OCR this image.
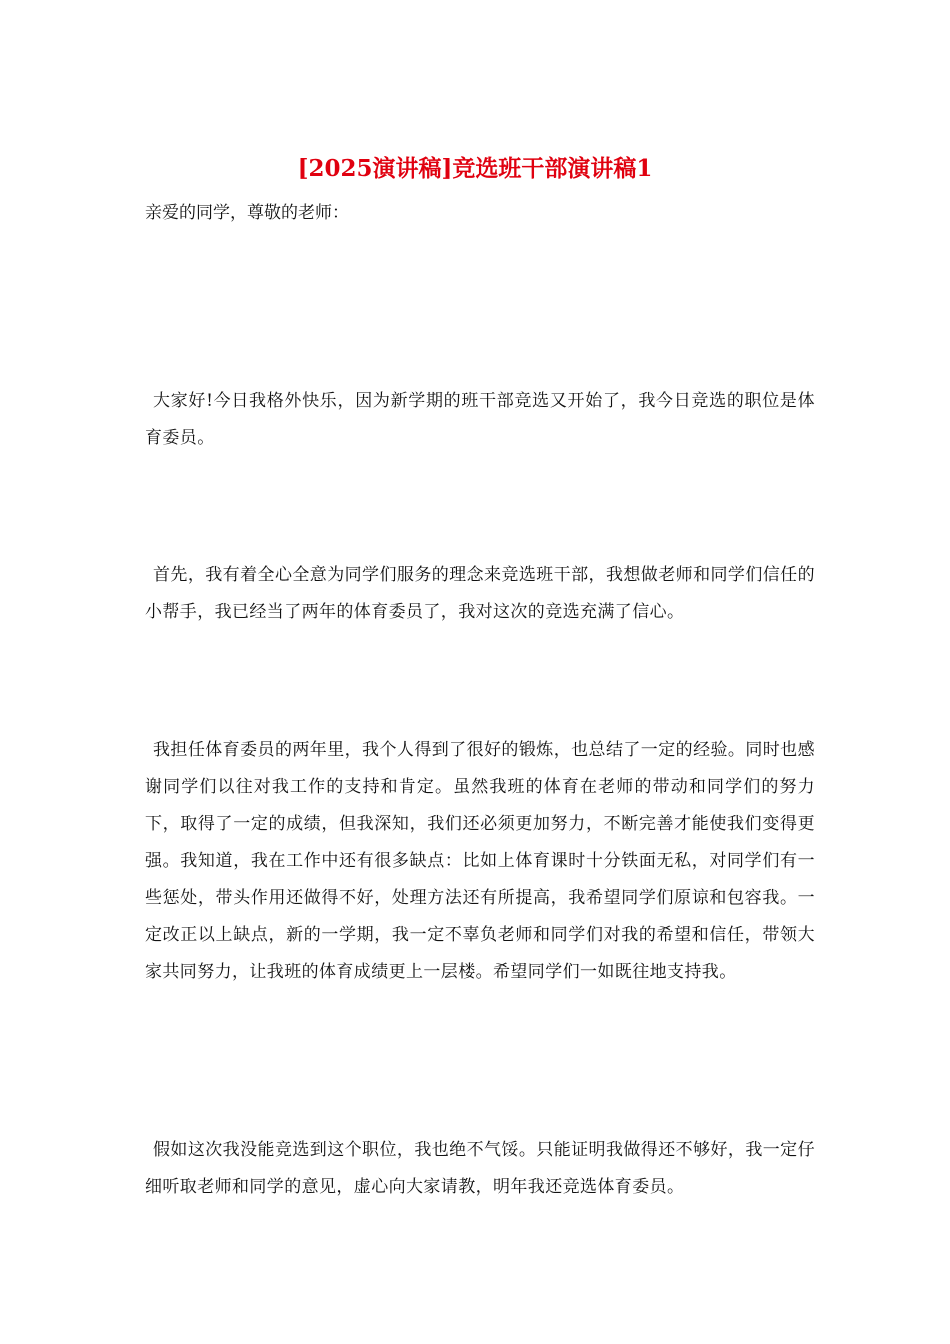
[2025演讲稿]竞选班干部演讲稿1
亲爱的同学，尊敬的老师：

大家好!今日我格外快乐，因为新学期的班干部竞选又开始了，我今日竞选的职位是体育委员。

首先，我有着全心全意为同学们服务的理念来竞选班干部，我想做老师和同学们信任的小帮手，我已经当了两年的体育委员了，我对这次的竞选充满了信心。

我担任体育委员的两年里，我个人得到了很好的锻炼，也总结了一定的经验。同时也感谢同学们以往对我工作的支持和肯定。虽然我班的体育在老师的带动和同学们的努力下，取得了一定的成绩，但我深知，我们还必须更加努力，不断完善才能使我们变得更强。我知道，我在工作中还有很多缺点：比如上体育课时十分铁面无私，对同学们有一些惩处，带头作用还做得不好，处理方法还有所提高，我希望同学们原谅和包容我。一定改正以上缺点，新的一学期，我一定不辜负老师和同学们对我的希望和信任，带领大家共同努力，让我班的体育成绩更上一层楼。希望同学们一如既往地支持我。

假如这次我没能竞选到这个职位，我也绝不气馁。只能证明我做得还不够好，我一定仔细听取老师和同学的意见，虚心向大家请教，明年我还竞选体育委员。
